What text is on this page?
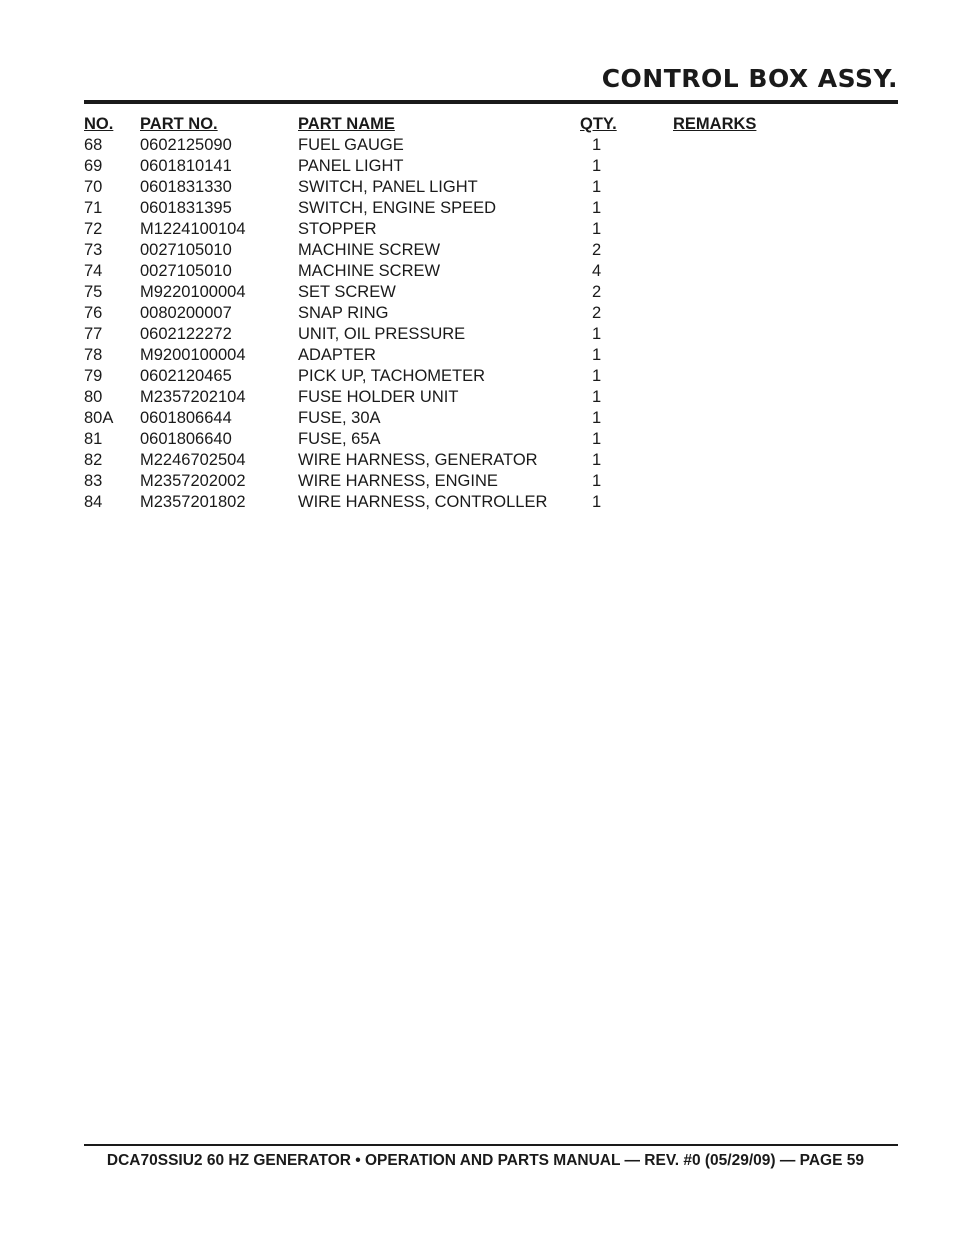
CONTROL BOX ASSY.
NO.	PART NO.	PART NAME	QTY.	REMARKS
68	0602125090	FUEL GAUGE	1	
69	0601810141	PANEL LIGHT	1	
70	0601831330	SWITCH, PANEL LIGHT	1	
71	0601831395	SWITCH, ENGINE SPEED	1	
72	M1224100104	STOPPER	1	
73	0027105010	MACHINE SCREW	2	
74	0027105010	MACHINE SCREW	4	
75	M9220100004	SET SCREW	2	
76	0080200007	SNAP RING	2	
77	0602122272	UNIT, OIL PRESSURE	1	
78	M9200100004	ADAPTER	1	
79	0602120465	PICK UP, TACHOMETER	1	
80	M2357202104	FUSE HOLDER UNIT	1	
80A	0601806644	FUSE, 30A	1	
81	0601806640	FUSE, 65A	1	
82	M2246702504	WIRE HARNESS, GENERATOR	1	
83	M2357202002	WIRE HARNESS, ENGINE	1	
84	M2357201802	WIRE HARNESS, CONTROLLER	1	
DCA70SSIU2 60 HZ GENERATOR • OPERATION AND PARTS MANUAL — REV. #0 (05/29/09) — PAGE 59
